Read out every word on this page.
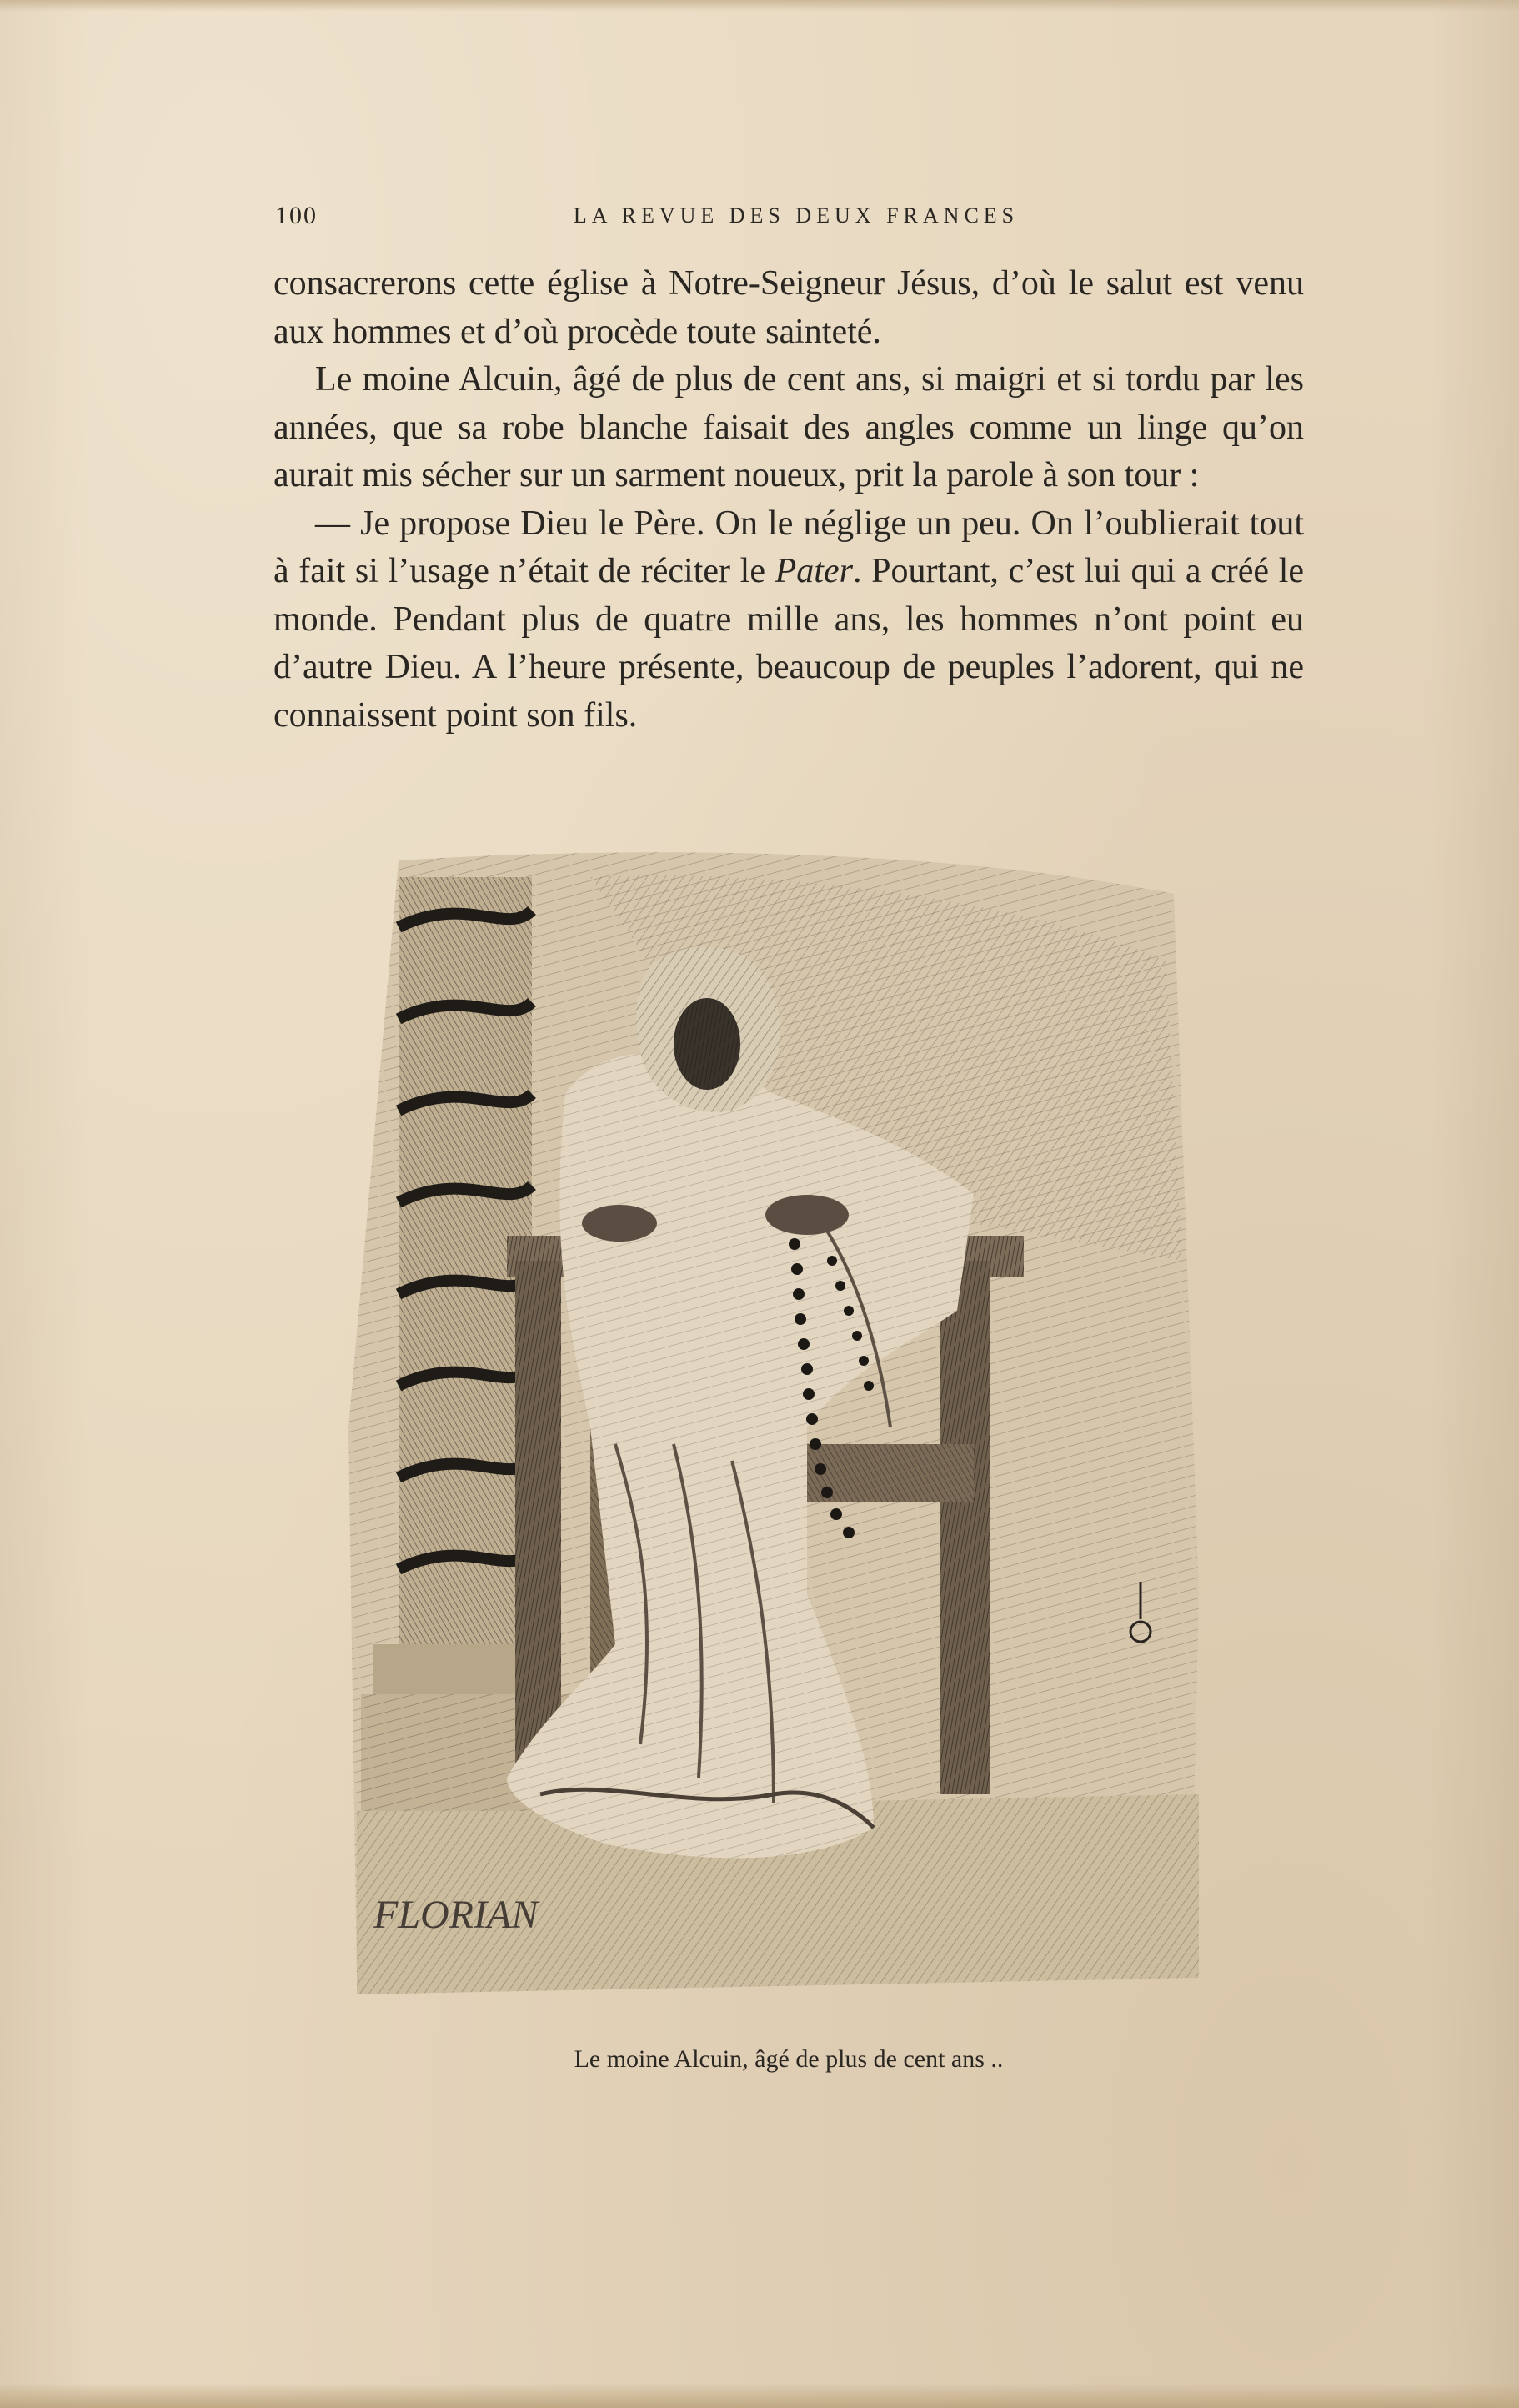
100	LA REVUE DES DEUX FRANCES

consacrerons cette église à Notre-Seigneur Jésus, d’où le salut est venu aux hommes et d’où procède toute sainteté.

Le moine Alcuin, âgé de plus de cent ans, si maigri et si tordu par les années, que sa robe blanche faisait des angles comme un linge qu’on aurait mis sécher sur un sarment noueux, prit la parole à son tour :

— Je propose Dieu le Père. On le néglige un peu. On l’oublierait tout à fait si l’usage n’était de réciter le Pater. Pourtant, c’est lui qui a créé le monde. Pendant plus de quatre mille ans, les hommes n’ont point eu d’autre Dieu. A l’heure présente, beaucoup de peuples l’adorent, qui ne connaissent point son fils.

FLORIAN
Le moine Alcuin, âgé de plus de cent ans ..
